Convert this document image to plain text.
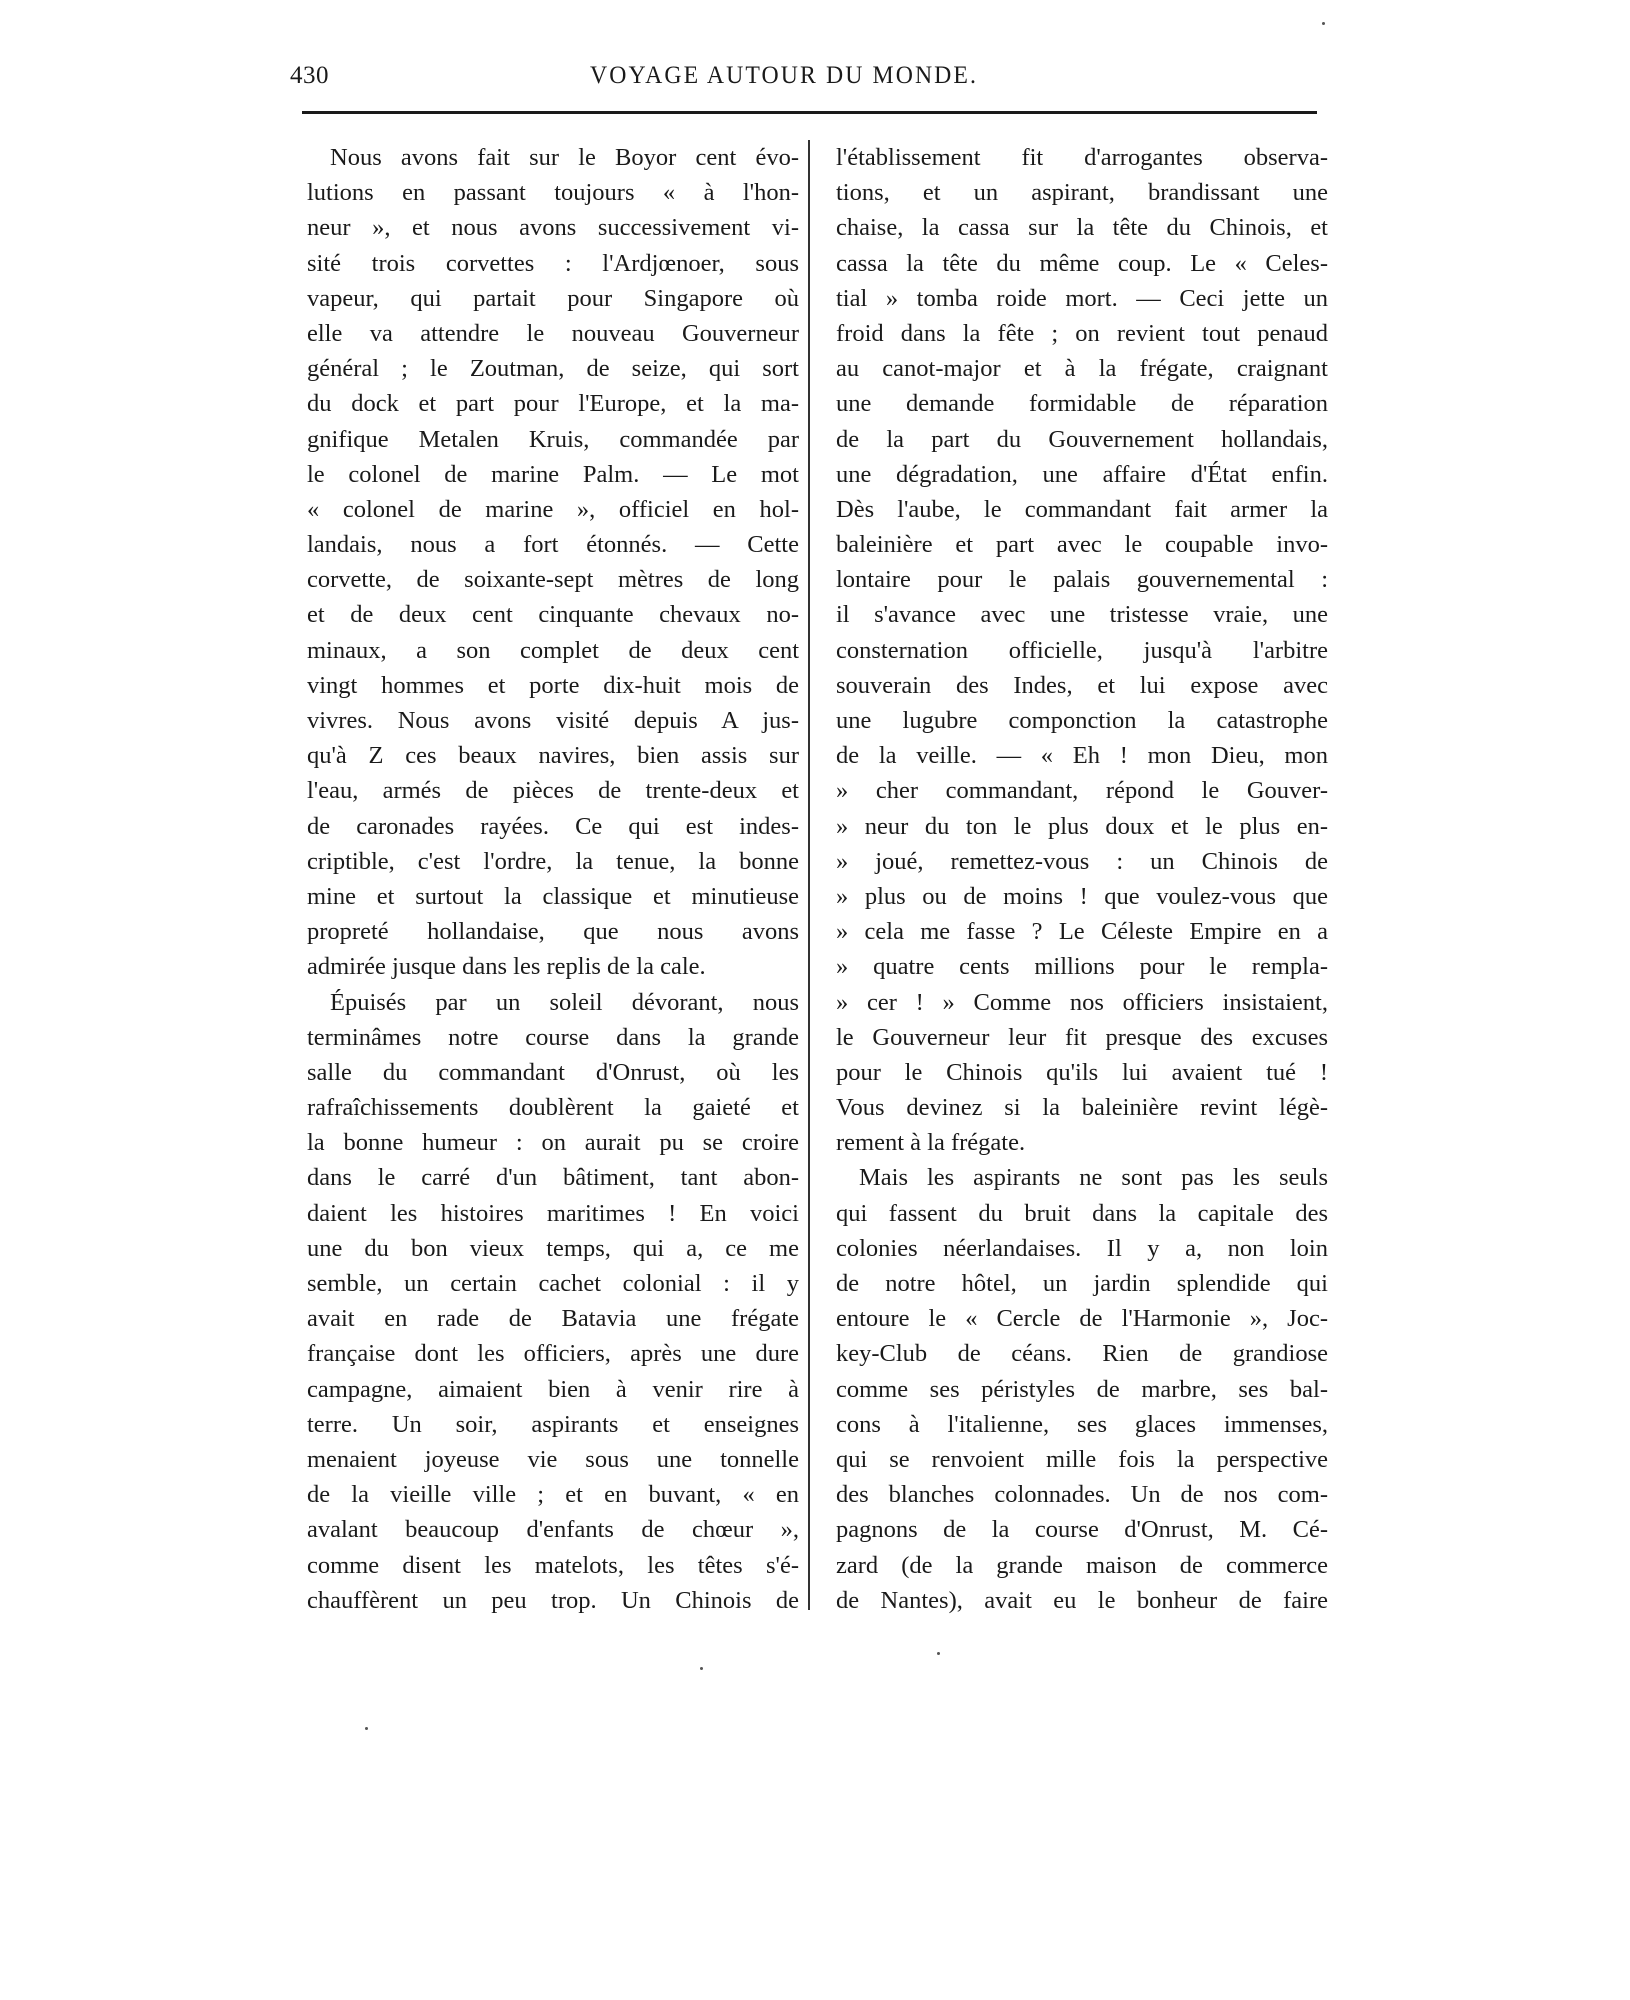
430	VOYAGE AUTOUR DU MONDE.
Nous avons fait sur le Boyor cent évo-
lutions en passant toujours « à l'hon-
neur », et nous avons successivement vi-
sité trois corvettes : l'Ardjœnoer, sous
vapeur, qui partait pour Singapore où
elle va attendre le nouveau Gouverneur
général ; le Zoutman, de seize, qui sort
du dock et part pour l'Europe, et la ma-
gnifique Metalen Kruis, commandée par
le colonel de marine Palm. — Le mot
« colonel de marine », officiel en hol-
landais, nous a fort étonnés. — Cette
corvette, de soixante-sept mètres de long
et de deux cent cinquante chevaux no-
minaux, a son complet de deux cent
vingt hommes et porte dix-huit mois de
vivres. Nous avons visité depuis A jus-
qu'à Z ces beaux navires, bien assis sur
l'eau, armés de pièces de trente-deux et
de caronades rayées. Ce qui est indes-
criptible, c'est l'ordre, la tenue, la bonne
mine et surtout la classique et minutieuse
propreté hollandaise, que nous avons
admirée jusque dans les replis de la cale.
Épuisés par un soleil dévorant, nous
terminâmes notre course dans la grande
salle du commandant d'Onrust, où les
rafraîchissements doublèrent la gaieté et
la bonne humeur : on aurait pu se croire
dans le carré d'un bâtiment, tant abon-
daient les histoires maritimes ! En voici
une du bon vieux temps, qui a, ce me
semble, un certain cachet colonial : il y
avait en rade de Batavia une frégate
française dont les officiers, après une dure
campagne, aimaient bien à venir rire à
terre. Un soir, aspirants et enseignes
menaient joyeuse vie sous une tonnelle
de la vieille ville ; et en buvant, « en
avalant beaucoup d'enfants de chœur »,
comme disent les matelots, les têtes s'é-
chauffèrent un peu trop. Un Chinois de
l'établissement fit d'arrogantes observa-
tions, et un aspirant, brandissant une
chaise, la cassa sur la tête du Chinois, et
cassa la tête du même coup. Le « Celes-
tial » tomba roide mort. — Ceci jette un
froid dans la fête ; on revient tout penaud
au canot-major et à la frégate, craignant
une demande formidable de réparation
de la part du Gouvernement hollandais,
une dégradation, une affaire d'État enfin.
Dès l'aube, le commandant fait armer la
baleinière et part avec le coupable invo-
lontaire pour le palais gouvernemental :
il s'avance avec une tristesse vraie, une
consternation officielle, jusqu'à l'arbitre
souverain des Indes, et lui expose avec
une lugubre componction la catastrophe
de la veille. — « Eh ! mon Dieu, mon
» cher commandant, répond le Gouver-
» neur du ton le plus doux et le plus en-
» joué, remettez-vous : un Chinois de
» plus ou de moins ! que voulez-vous que
» cela me fasse ? Le Céleste Empire en a
» quatre cents millions pour le rempla-
» cer ! » Comme nos officiers insistaient,
le Gouverneur leur fit presque des excuses
pour le Chinois qu'ils lui avaient tué !
Vous devinez si la baleinière revint légè-
rement à la frégate.
Mais les aspirants ne sont pas les seuls
qui fassent du bruit dans la capitale des
colonies néerlandaises. Il y a, non loin
de notre hôtel, un jardin splendide qui
entoure le « Cercle de l'Harmonie », Joc-
key-Club de céans. Rien de grandiose
comme ses péristyles de marbre, ses bal-
cons à l'italienne, ses glaces immenses,
qui se renvoient mille fois la perspective
des blanches colonnades. Un de nos com-
pagnons de la course d'Onrust, M. Cé-
zard (de la grande maison de commerce
de Nantes), avait eu le bonheur de faire
